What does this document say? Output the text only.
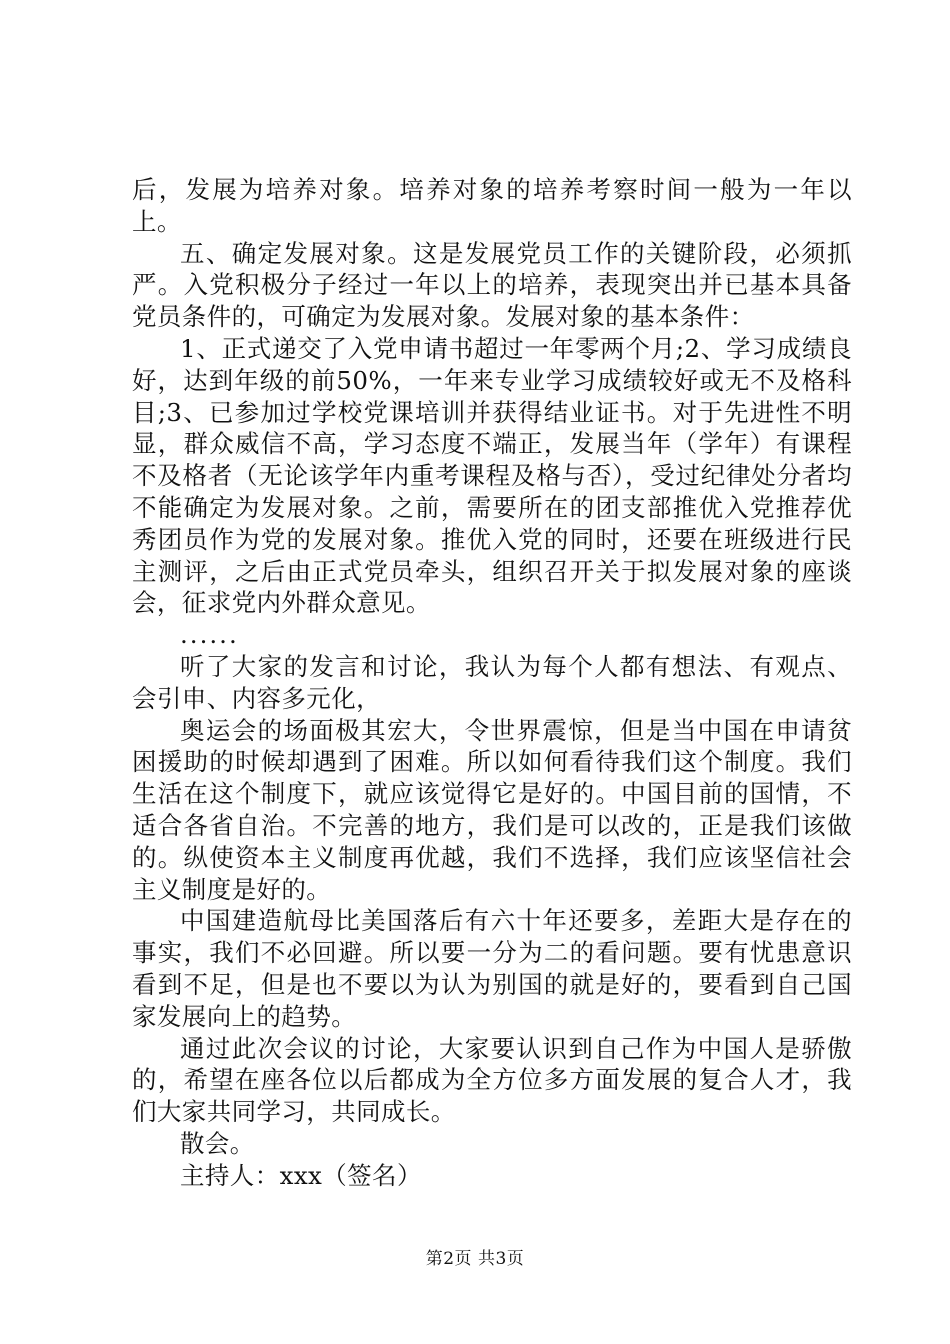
后，发展为培养对象。培养对象的培养考察时间一般为一年以上。

五、确定发展对象。这是发展党员工作的关键阶段，必须抓严。入党积极分子经过一年以上的培养，表现突出并已基本具备党员条件的，可确定为发展对象。发展对象的基本条件：

1、正式递交了入党申请书超过一年零两个月;2、学习成绩良好，达到年级的前50%，一年来专业学习成绩较好或无不及格科目;3、已参加过学校党课培训并获得结业证书。对于先进性不明显，群众威信不高，学习态度不端正，发展当年（学年）有课程不及格者（无论该学年内重考课程及格与否），受过纪律处分者均不能确定为发展对象。之前，需要所在的团支部推优入党推荐优秀团员作为党的发展对象。推优入党的同时，还要在班级进行民主测评，之后由正式党员牵头，组织召开关于拟发展对象的座谈会，征求党内外群众意见。

......

听了大家的发言和讨论，我认为每个人都有想法、有观点、会引申、内容多元化，

奥运会的场面极其宏大，令世界震惊，但是当中国在申请贫困援助的时候却遇到了困难。所以如何看待我们这个制度。我们生活在这个制度下，就应该觉得它是好的。中国目前的国情，不适合各省自治。不完善的地方，我们是可以改的，正是我们该做的。纵使资本主义制度再优越，我们不选择，我们应该坚信社会主义制度是好的。

中国建造航母比美国落后有六十年还要多，差距大是存在的事实，我们不必回避。所以要一分为二的看问题。要有忧患意识看到不足，但是也不要以为认为别国的就是好的，要看到自己国家发展向上的趋势。

通过此次会议的讨论，大家要认识到自己作为中国人是骄傲的，希望在座各位以后都成为全方位多方面发展的复合人才，我们大家共同学习，共同成长。

散会。

主持人：xxx（签名）

第2页 共3页
